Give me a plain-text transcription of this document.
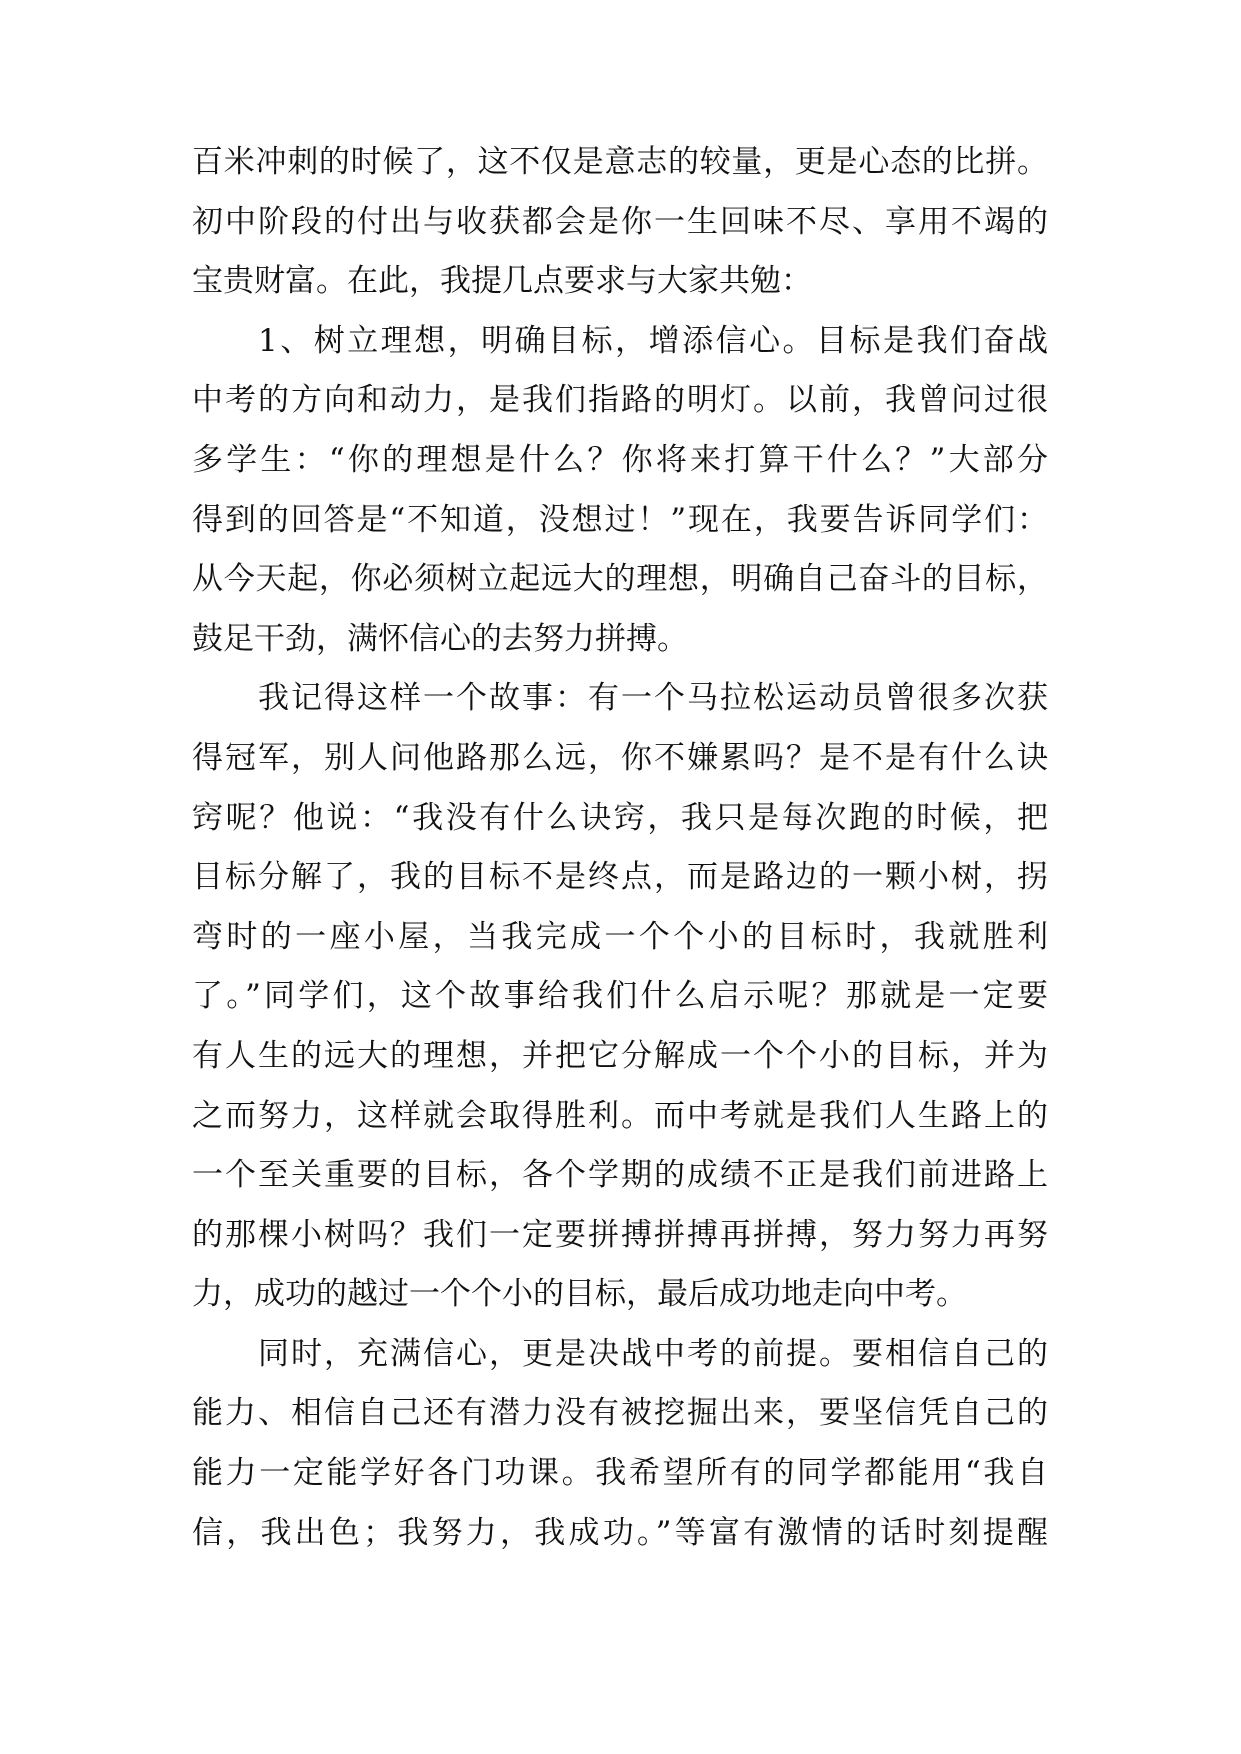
百米冲刺的时候了，这不仅是意志的较量，更是心态的比拼。
初中阶段的付出与收获都会是你一生回味不尽、享用不竭的
宝贵财富。在此，我提几点要求与大家共勉：
1、树立理想，明确目标，增添信心。目标是我们奋战
中考的方向和动力，是我们指路的明灯。以前，我曾问过很
多学生：“你的理想是什么？你将来打算干什么？”大部分
得到的回答是“不知道，没想过！”现在，我要告诉同学们：
从今天起，你必须树立起远大的理想，明确自己奋斗的目标，
鼓足干劲，满怀信心的去努力拼搏。
我记得这样一个故事：有一个马拉松运动员曾很多次获
得冠军，别人问他路那么远，你不嫌累吗？是不是有什么诀
窍呢？他说：“我没有什么诀窍，我只是每次跑的时候，把
目标分解了，我的目标不是终点，而是路边的一颗小树，拐
弯时的一座小屋，当我完成一个个小的目标时，我就胜利
了。”同学们，这个故事给我们什么启示呢？那就是一定要
有人生的远大的理想，并把它分解成一个个小的目标，并为
之而努力，这样就会取得胜利。而中考就是我们人生路上的
一个至关重要的目标，各个学期的成绩不正是我们前进路上
的那棵小树吗？我们一定要拼搏拼搏再拼搏，努力努力再努
力，成功的越过一个个小的目标，最后成功地走向中考。
同时，充满信心，更是决战中考的前提。要相信自己的
能力、相信自己还有潜力没有被挖掘出来，要坚信凭自己的
能力一定能学好各门功课。我希望所有的同学都能用“我自
信，我出色；我努力，我成功。”等富有激情的话时刻提醒
